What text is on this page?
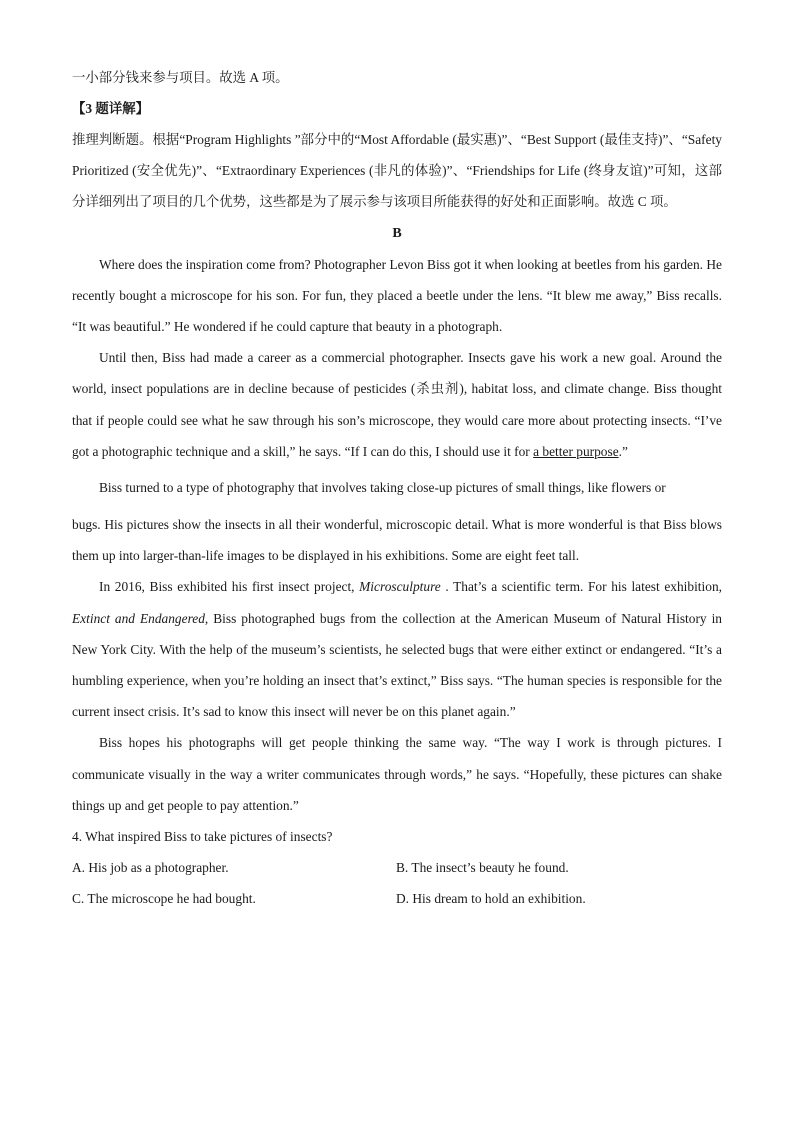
一小部分钱来参与项目。故选 A 项。
【3 题详解】
推理判断题。根据“Program Highlights ”部分中的“Most Affordable (最实惠)”、“Best Support (最佳支持)”、“Safety Prioritized (安全优先)”、“Extraordinary Experiences (非凡的体验)”、“Friendships for Life (终身友谊)”可知，这部分详细列出了项目的几个优势，这些都是为了展示参与该项目所能获得的好处和正面影响。故选 C 项。
B
Where does the inspiration come from? Photographer Levon Biss got it when looking at beetles from his garden. He recently bought a microscope for his son. For fun, they placed a beetle under the lens. “It blew me away,” Biss recalls. “It was beautiful.” He wondered if he could capture that beauty in a photograph.
Until then, Biss had made a career as a commercial photographer. Insects gave his work a new goal. Around the world, insect populations are in decline because of pesticides (杀虫剂), habitat loss, and climate change. Biss thought that if people could see what he saw through his son’s microscope, they would care more about protecting insects. “I’ve got a photographic technique and a skill,” he says. “If I can do this, I should use it for a better purpose.”
Biss turned to a type of photography that involves taking close-up pictures of small things, like flowers or
bugs. His pictures show the insects in all their wonderful, microscopic detail. What is more wonderful is that Biss blows them up into larger-than-life images to be displayed in his exhibitions. Some are eight feet tall.
In 2016, Biss exhibited his first insect project, Microsculpture . That’s a scientific term. For his latest exhibition, Extinct and Endangered, Biss photographed bugs from the collection at the American Museum of Natural History in New York City. With the help of the museum’s scientists, he selected bugs that were either extinct or endangered. “It’s a humbling experience, when you’re holding an insect that’s extinct,” Biss says. “The human species is responsible for the current insect crisis. It’s sad to know this insect will never be on this planet again.”
Biss hopes his photographs will get people thinking the same way. “The way I work is through pictures. I communicate visually in the way a writer communicates through words,” he says. “Hopefully, these pictures can shake things up and get people to pay attention.”
4. What inspired Biss to take pictures of insects?
A. His job as a photographer.	B. The insect’s beauty he found.
C. The microscope he had bought.	D. His dream to hold an exhibition.
